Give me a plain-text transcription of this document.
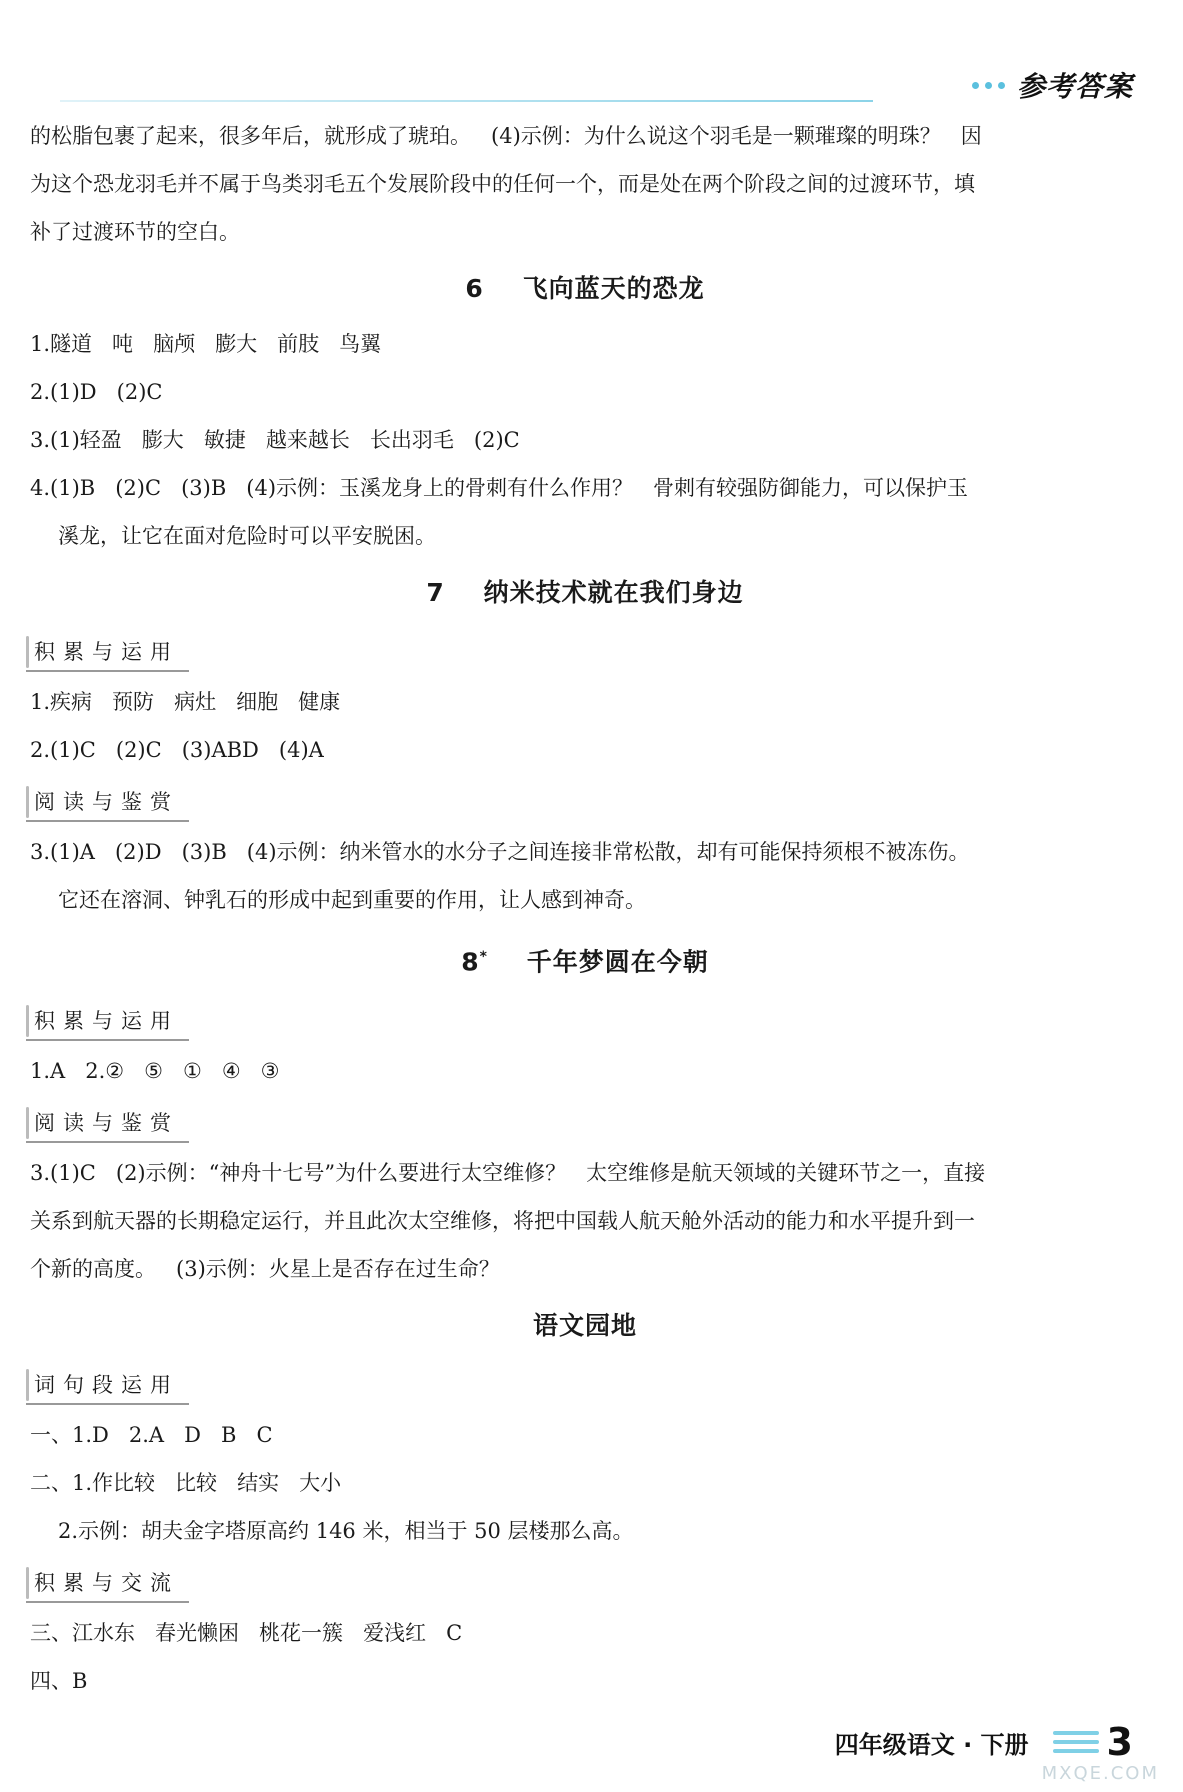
参考答案

的松脂包裹了起来，很多年后，就形成了琥珀。   (4)示例：为什么说这个羽毛是一颗璀璨的明珠？   因

为这个恐龙羽毛并不属于鸟类羽毛五个发展阶段中的任何一个，而是处在两个阶段之间的过渡环节，填

补了过渡环节的空白。

6    飞向蓝天的恐龙

1.隧道   吨   脑颅   膨大   前肢   鸟翼

2.(1)D   (2)C

3.(1)轻盈   膨大   敏捷   越来越长   长出羽毛   (2)C

4.(1)B   (2)C   (3)B   (4)示例：玉溪龙身上的骨刺有什么作用？   骨刺有较强防御能力，可以保护玉

溪龙，让它在面对危险时可以平安脱困。

7    纳米技术就在我们身边
积累与运用

1.疾病   预防   病灶   细胞   健康

2.(1)C   (2)C   (3)ABD   (4)A

阅读与鉴赏

3.(1)A   (2)D   (3)B   (4)示例：纳米管水的水分子之间连接非常松散，却有可能保持须根不被冻伤。

它还在溶洞、钟乳石的形成中起到重要的作用，让人感到神奇。

8*    千年梦圆在今朝
积累与运用

1.A   2.②   ⑤   ①   ④   ③

阅读与鉴赏

3.(1)C   (2)示例：“神舟十七号”为什么要进行太空维修？   太空维修是航天领域的关键环节之一，直接

关系到航天器的长期稳定运行，并且此次太空维修，将把中国载人航天舱外活动的能力和水平提升到一

个新的高度。   (3)示例：火星上是否存在过生命？

语文园地
词句段运用

一、1.D   2.A   D   B   C

二、1.作比较   比较   结实   大小

2.示例：胡夫金字塔原高约 146 米，相当于 50 层楼那么高。

积累与交流

三、江水东   春光懒困   桃花一簇   爱浅红   C

四、B

四年级语文 · 下册 3
MXQE.COM
